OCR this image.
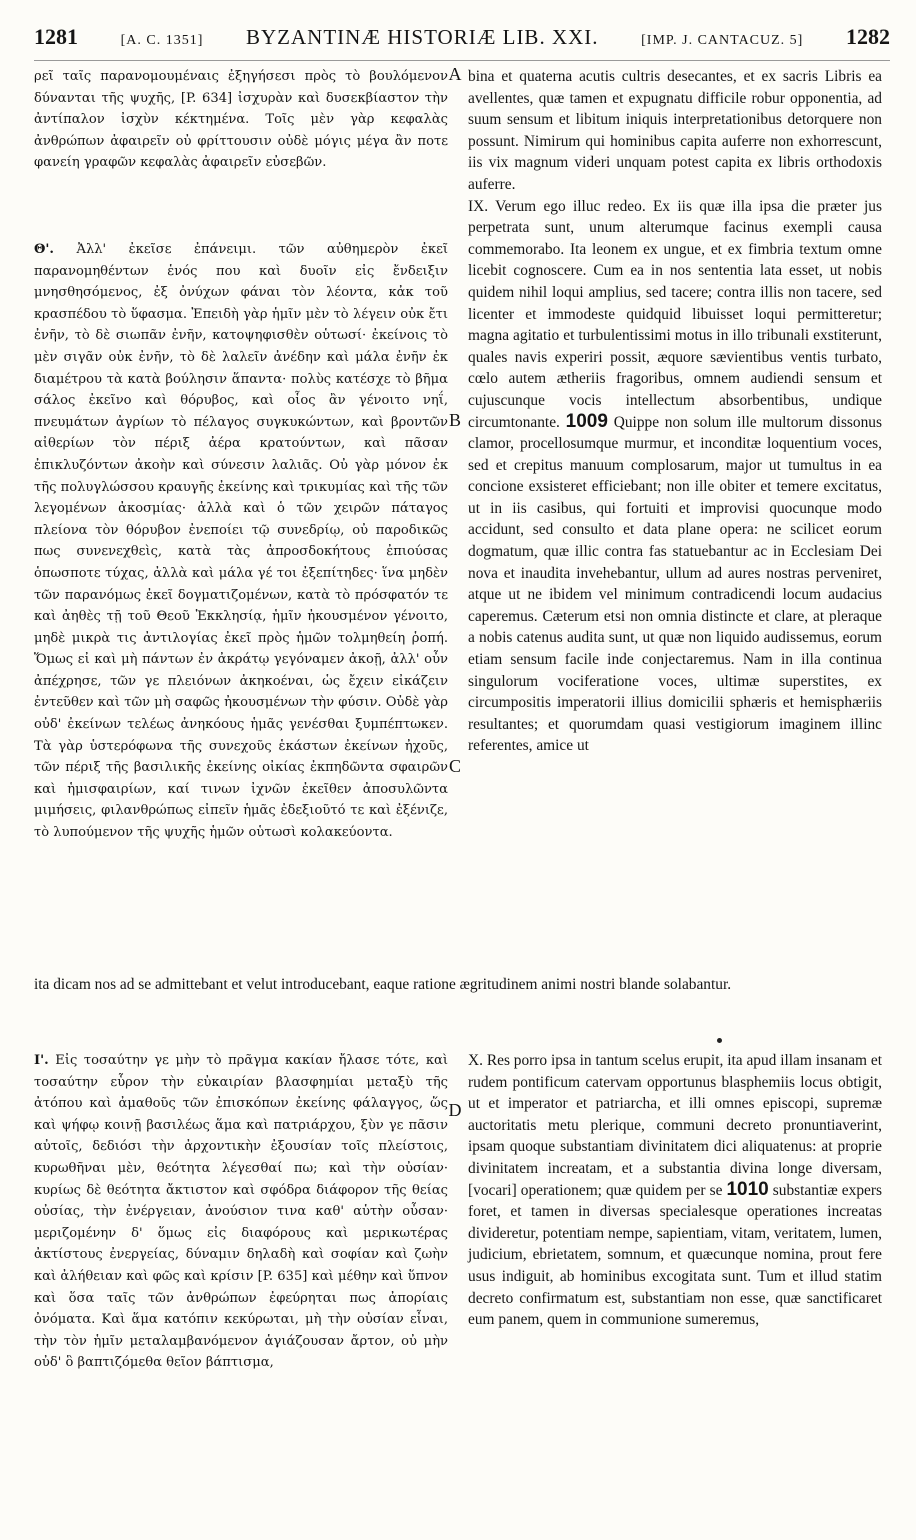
1281	[A. C. 1351] BYZANTINÆ HISTORIÆ LIB. XXI.	[IMP. J. CANTACUZ. 5] 1282
A
B
C
D

ρεῖ ταῖς παρανομουμέναις ἐξηγήσεσι πρὸς τὸ βουλόμενον δύνανται τῆς ψυχῆς, [P. 634] ἰσχυρὰν καὶ δυσεκβίαστον τὴν ἀντίπαλον ἰσχὺν κέκτημένα. Τοῖς μὲν γὰρ κεφαλὰς ἀνθρώπων ἀφαιρεῖν οὐ φρίττουσιν οὐδὲ μόγις μέγα ἂν ποτε φανείη γραφῶν κεφαλὰς ἀφαιρεῖν εὐσεβῶν.

Θ'. Ἀλλ' ἐκεῖσε ἐπάνειμι. τῶν αὐθημερὸν ἐκεῖ παρανομηθέντων ἑνός που καὶ δυοῖν εἰς ἔνδειξιν μνησθησόμενος, ἐξ ὀνύχων φάναι τὸν λέοντα, κἀκ τοῦ κρασπέδου τὸ ὕφασμα. Ἐπειδὴ γὰρ ἡμῖν μὲν τὸ λέγειν οὐκ ἔτι ἐνῆν, τὸ δὲ σιωπᾶν ἐνῆν, κατοψηφισθὲν οὑτωσί· ἐκείνοις τὸ μὲν σιγᾶν οὐκ ἐνῆν, τὸ δὲ λαλεῖν ἀνέδην καὶ μάλα ἐνῆν ἐκ διαμέτρου τὰ κατὰ βούλησιν ἅπαντα· πολὺς κατέσχε τὸ βῆμα σάλος ἐκεῖνο καὶ θόρυβος, καὶ οἷος ἂν γένοιτο νηΐ, πνευμάτων ἀγρίων τὸ πέλαγος συγκυκώντων, καὶ βροντῶν αἰθερίων τὸν πέριξ ἀέρα κρατούντων, καὶ πᾶσαν ἐπικλυζόντων ἀκοὴν καὶ σύνεσιν λαλιᾶς. Οὐ γὰρ μόνον ἐκ τῆς πολυγλώσσου κραυγῆς ἐκείνης καὶ τρικυμίας καὶ τῆς τῶν λεγομένων ἀκοσμίας· ἀλλὰ καὶ ὁ τῶν χειρῶν πάταγος πλείονα τὸν θόρυβον ἐνεποίει τῷ συνεδρίῳ, οὐ παροδικῶς πως συνενεχθεὶς, κατὰ τὰς ἀπροσδοκήτους ἐπιούσας ὁπωσποτε τύχας, ἀλλὰ καὶ μάλα γέ τοι ἐξεπίτηδες· ἵνα μηδὲν τῶν παρανόμως ἐκεῖ δογματιζομένων, κατὰ τὸ πρόσφατόν τε καὶ ἀηθὲς τῇ τοῦ Θεοῦ Ἐκκλησίᾳ, ἡμῖν ἠκουσμένον γένοιτο, μηδὲ μικρὰ τις ἀντιλογίας ἐκεῖ πρὸς ἡμῶν τολμηθείη ῥοπή. Ὅμως εἰ καὶ μὴ πάντων ἐν ἀκράτῳ γεγόναμεν ἀκοῇ, ἀλλ' οὖν ἀπέχρησε, τῶν γε πλειόνων ἀκηκοέναι, ὡς ἔχειν εἰκάζειν ἐντεῦθεν καὶ τῶν μὴ σαφῶς ἠκουσμένων τὴν φύσιν. Οὐδὲ γὰρ οὐδ' ἐκείνων τελέως ἀνηκόους ἡμᾶς γενέσθαι ξυμπέπτωκεν. Τὰ γὰρ ὑστερόφωνα τῆς συνεχοῦς ἑκάστων ἐκείνων ἠχοῦς, τῶν πέριξ τῆς βασιλικῆς ἐκείνης οἰκίας ἐκπηδῶντα σφαιρῶν καὶ ἡμισφαιρίων, καί τινων ἰχνῶν ἐκεῖθεν ἀποσυλῶντα μιμήσεις, φιλανθρώπως εἰπεῖν ἡμᾶς ἐδεξιοῦτό τε καὶ ἐξένιζε, τὸ λυπούμενον τῆς ψυχῆς ἡμῶν οὑτωσὶ κολακεύοντα.

Ι'. Εἰς τοσαύτην γε μὴν τὸ πρᾶγμα κακίαν ἤλασε τότε, καὶ τοσαύτην εὗρον τὴν εὐκαιρίαν βλασφημίαι μεταξὺ τῆς ἀτόπου καὶ ἀμαθοῦς τῶν ἐπισκόπων ἐκείνης φάλαγγος, ὥς καὶ ψήφῳ κοινῇ βασιλέως ἅμα καὶ πατριάρχου, ξὺν γε πᾶσιν αὐτοῖς, δεδιόσι τὴν ἀρχοντικὴν ἐξουσίαν τοῖς πλείστοις, κυρωθῆναι μὲν, θεότητα λέγεσθαί πω; καὶ τὴν οὐσίαν· κυρίως δὲ θεότητα ἄκτιστον καὶ σφόδρα διάφορον τῆς θείας οὐσίας, τὴν ἐνέργειαν, ἀνούσιον τινα καθ' αὑτὴν οὖσαν· μεριζομένην δ' ὅμως εἰς διαφόρους καὶ μερικωτέρας ἀκτίστους ἐνεργείας, δύναμιν δηλαδὴ καὶ σοφίαν καὶ ζωὴν καὶ ἀλήθειαν καὶ φῶς καὶ κρίσιν [P. 635] καὶ μέθην καὶ ὕπνον καὶ ὅσα ταῖς τῶν ἀνθρώπων ἐφεύρηται πως ἀπορίαις ὀνόματα. Καὶ ἅμα κατόπιν κεκύρωται, μὴ τὴν οὐσίαν εἶναι, τὴν τὸν ἡμῖν μεταλαμβανόμενον ἁγιάζουσαν ἄρτον, οὐ μὴν οὐδ' ὃ βαπτιζόμεθα θεῖον βάπτισμα,

bina et quaterna acutis cultris desecantes, et ex sacris Libris ea avellentes, quæ tamen et expugnatu difficile robur opponentia, ad suum sensum et libitum iniquis interpretationibus detorquere non possunt. Nimirum qui hominibus capita auferre non exhorrescunt, iis vix magnum videri unquam potest capita ex libris orthodoxis auferre.

IX. Verum ego illuc redeo. Ex iis quæ illa ipsa die præter jus perpetrata sunt, unum alterumque facinus exempli causa commemorabo. Ita leonem ex ungue, et ex fimbria textum omne licebit cognoscere. Cum ea in nos sententia lata esset, ut nobis quidem nihil loqui amplius, sed tacere; contra illis non tacere, sed licenter et immodeste quidquid libuisset loqui permitteretur; magna agitatio et turbulentissimi motus in illo tribunali exstiterunt, quales navis experiri possit, æquore sævientibus ventis turbato, cœlo autem ætheriis fragoribus, omnem audiendi sensum et cujuscunque vocis intellectum absorbentibus, undique circumtonante. 1009 Quippe non solum ille multorum dissonus clamor, procellosumque murmur, et inconditæ loquentium voces, sed et crepitus manuum complosarum, major ut tumultus in ea concione exsisteret efficiebant; non ille obiter et temere excitatus, ut in iis casibus, qui fortuiti et improvisi quocunque modo accidunt, sed consulto et data plane opera: ne scilicet eorum dogmatum, quæ illic contra fas statuebantur ac in Ecclesiam Dei nova et inaudita invehebantur, ullum ad aures nostras perveniret, atque ut ne ibidem vel minimum contradicendi locum audacius caperemus. Cæterum etsi non omnia distincte et clare, at pleraque a nobis catenus audita sunt, ut quæ non liquido audissemus, eorum etiam sensum facile inde conjectaremus. Nam in illa continua singulorum vociferatione voces, ultimæ superstites, ex circumpositis imperatorii illius domicilii sphæris et hemisphæriis resultantes; et quorumdam quasi vestigiorum imaginem illinc referentes, amice ut

ita dicam nos ad se admittebant et velut introducebant, eaque ratione ægritudinem animi nostri blande solabantur.

X. Res porro ipsa in tantum scelus erupit, ita apud illam insanam et rudem pontificum catervam opportunus blasphemiis locus obtigit, ut et imperator et patriarcha, et illi omnes episcopi, supremæ auctoritatis metu plerique, communi decreto pronuntiaverint, ipsam quoque substantiam divinitatem dici aliquatenus: at proprie divinitatem increatam, et a substantia divina longe diversam, [vocari] operationem; quæ quidem per se 1010 substantiæ expers foret, et tamen in diversas specialesque operationes increatas divideretur, potentiam nempe, sapientiam, vitam, veritatem, lumen, judicium, ebrietatem, somnum, et quæcunque nomina, prout fere usus indiguit, ab hominibus excogitata sunt. Tum et illud statim decreto confirmatum est, substantiam non esse, quæ sanctificaret eum panem, quem in communione sumeremus,
